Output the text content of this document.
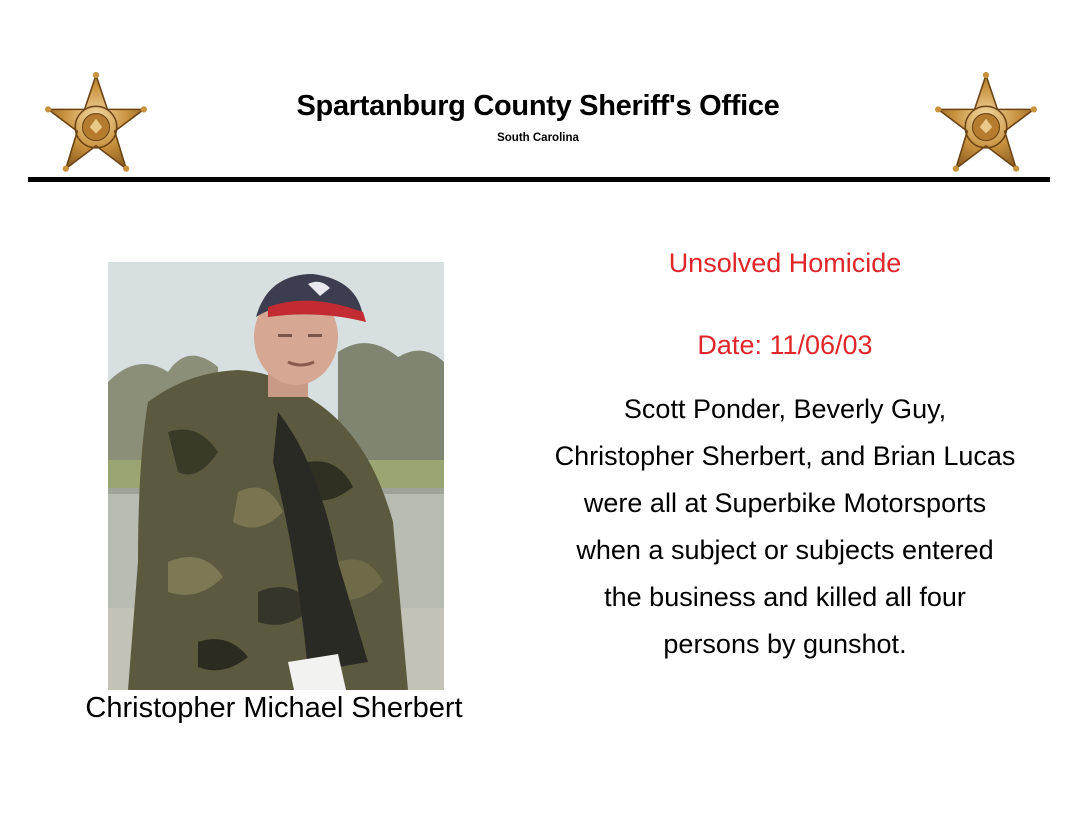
Spartanburg County Sheriff's Office
South Carolina
Christopher Michael Sherbert
Unsolved Homicide
Date: 11/06/03
Scott Ponder, Beverly Guy,
Christopher Sherbert, and Brian Lucas
were all at Superbike Motorsports
when a subject or subjects entered
the business and killed all four
persons by gunshot.
